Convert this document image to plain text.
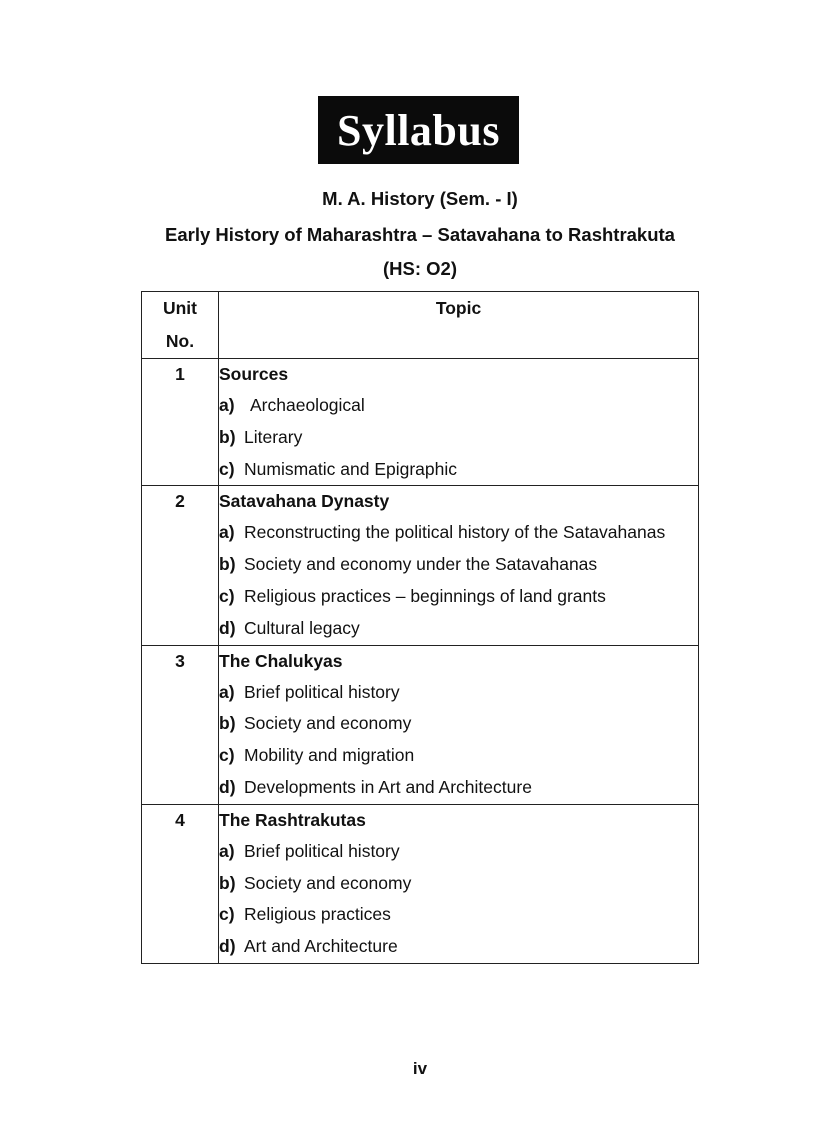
Syllabus
M. A. History (Sem. - I)
Early History of Maharashtra – Satavahana to Rashtrakuta
(HS: O2)
Unit
No.	Topic
1	Sources
a) Archaeological
b) Literary
c) Numismatic and Epigraphic

2	Satavahana Dynasty
a) Reconstructing the political history of the Satavahanas
b) Society and economy under the Satavahanas
c) Religious practices – beginnings of land grants
d) Cultural legacy

3	The Chalukyas
a) Brief political history
b) Society and economy
c) Mobility and migration
d) Developments in Art and Architecture

4	The Rashtrakutas
a) Brief political history
b) Society and economy
c) Religious practices
d) Art and Architecture
iv
